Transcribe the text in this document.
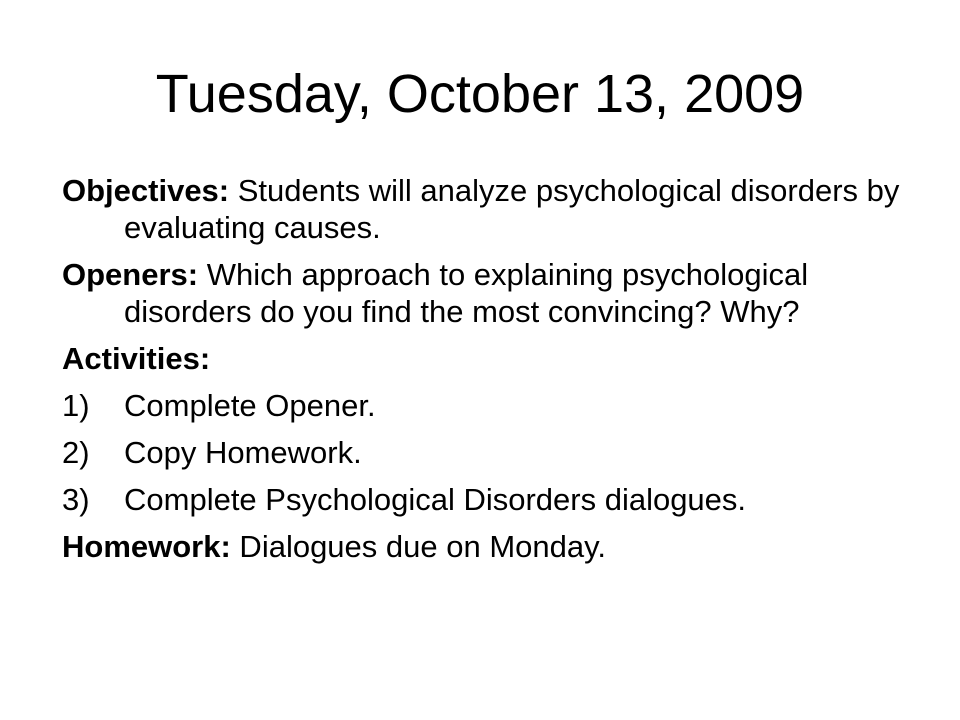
Tuesday, October 13, 2009
Objectives: Students will analyze psychological disorders by evaluating causes.
Openers: Which approach to explaining psychological disorders do you find the most convincing? Why?
Activities:
1)	Complete Opener.
2)	Copy Homework.
3)	Complete Psychological Disorders dialogues.
Homework: Dialogues due on Monday.
